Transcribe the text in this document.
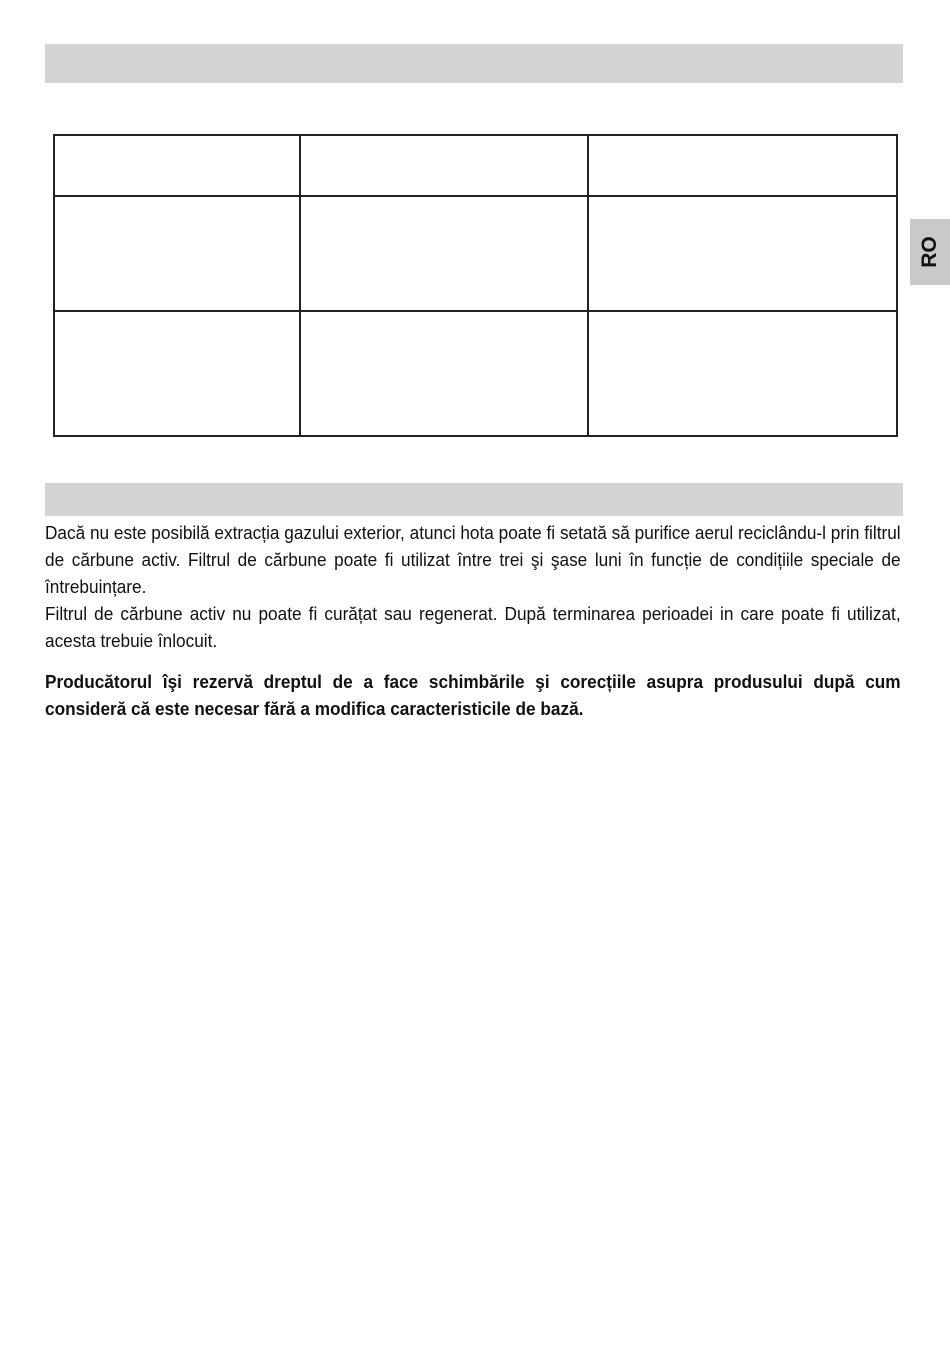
RO

Dacă nu este posibilă extracția gazului exterior, atunci hota poate fi setată să purifice aerul reciclându-l prin filtrul de cărbune activ. Filtrul de cărbune poate fi utilizat între trei şi şase luni în funcție de condițiile speciale de întrebuințare.

Filtrul de cărbune activ nu poate fi curățat sau regenerat. După terminarea perioadei in care poate fi utilizat, acesta trebuie înlocuit.

Producătorul îşi rezervă dreptul de a face schimbările şi corecțiile asupra produsului după cum consideră că este necesar fără a modifica caracteristicile de bază.
